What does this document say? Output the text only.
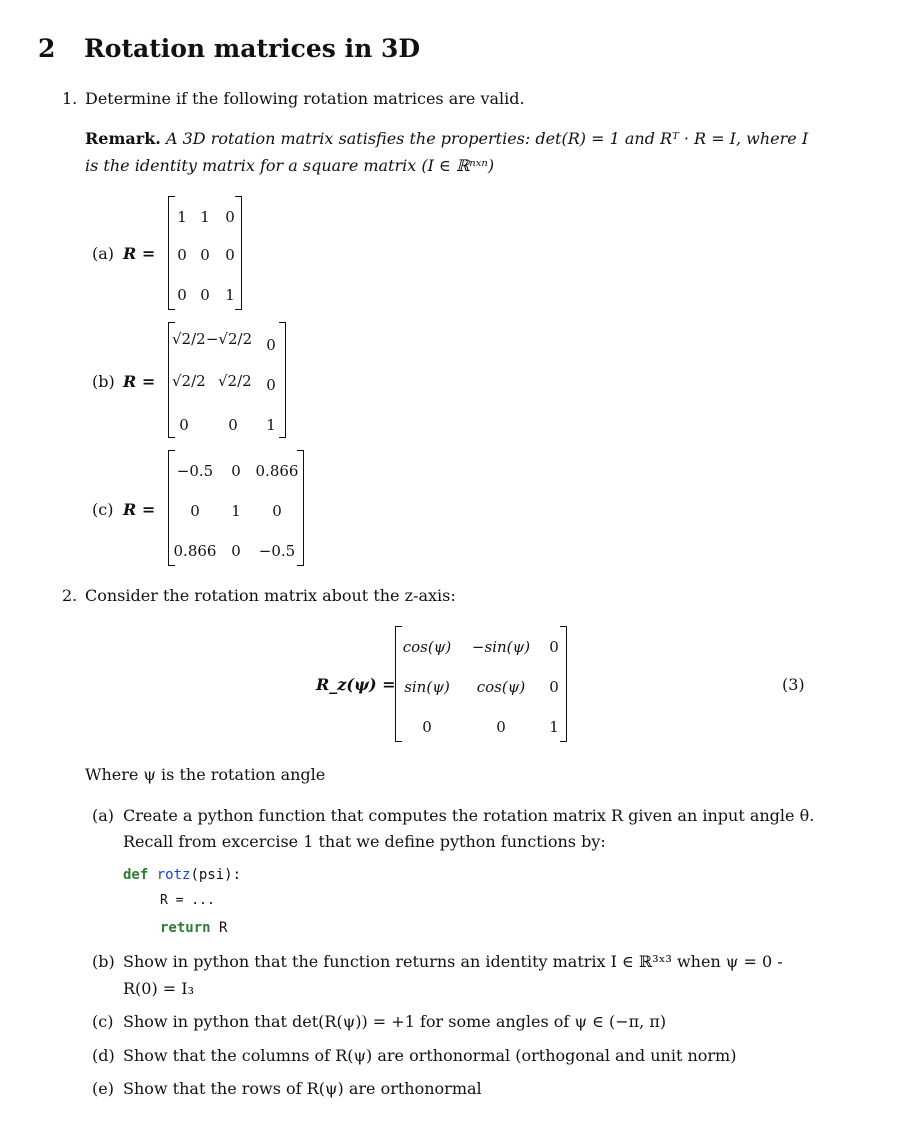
2 Rotation matrices in 3D
1. Determine if the following rotation matrices are valid.
Remark. A 3D rotation matrix satisfies the properties: det(R) = 1 and Rᵀ · R = I, where I
is the identity matrix for a square matrix (I ∈ ℝⁿˣⁿ)
(a) R =
1 1	0
0 0	0
0 0	1
(b) R =
√2/2 −√2/2 0
√2/2 √2/2 0
0	0	1
(c) R =
−0.5	0 0.866
0	1	0
0.866 0	−0.5
2. Consider the rotation matrix about the z-axis:
R_z(ψ) =
cos(ψ)	−sin(ψ)	0
sin(ψ)	cos(ψ)	0
0	0	1
(3)
Where ψ is the rotation angle
(a) Create a python function that computes the rotation matrix R given an input angle θ.
Recall from excercise 1 that we define python functions by:
def rotz(psi):
R = ...
return R
(b) Show in python that the function returns an identity matrix I ∈ ℝ³ˣ³ when ψ = 0 -
R(0) = I₃
(c) Show in python that det(R(ψ)) = +1 for some angles of ψ ∈ (−π, π)
(d) Show that the columns of R(ψ) are orthonormal (orthogonal and unit norm)
(e) Show that the rows of R(ψ) are orthonormal
